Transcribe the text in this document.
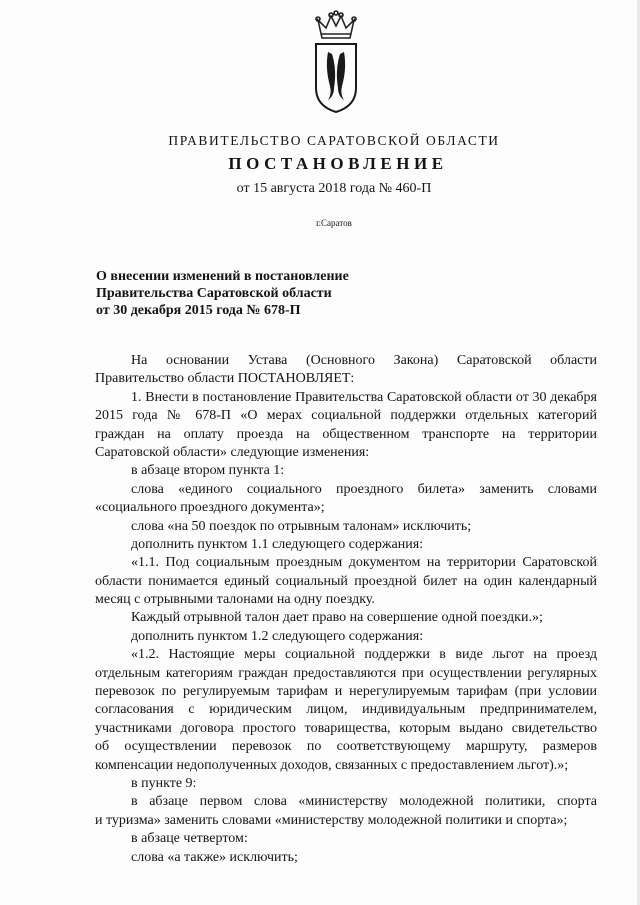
ПРАВИТЕЛЬСТВО САРАТОВСКОЙ ОБЛАСТИ
ПОСТАНОВЛЕНИЕ
от 15 августа 2018 года № 460-П
г.Саратов
О внесении изменений в постановление
Правительства Саратовской области
от 30 декабря 2015 года № 678-П
На основании Устава (Основного Закона) Саратовской области
Правительство области ПОСТАНОВЛЯЕТ:
1. Внести в постановление Правительства Саратовской области от 30 декабря
2015 года № 678-П «О мерах социальной поддержки отдельных категорий
граждан на оплату проезда на общественном транспорте на территории
Саратовской области» следующие изменения:
в абзаце втором пункта 1:
слова «единого социального проездного билета» заменить словами
«социального проездного документа»;
слова «на 50 поездок по отрывным талонам» исключить;
дополнить пунктом 1.1 следующего содержания:
«1.1. Под социальным проездным документом на территории Саратовской
области понимается единый социальный проездной билет на один календарный
месяц с отрывными талонами на одну поездку.
Каждый отрывной талон дает право на совершение одной поездки.»;
дополнить пунктом 1.2 следующего содержания:
«1.2. Настоящие меры социальной поддержки в виде льгот на проезд
отдельным категориям граждан предоставляются при осуществлении регулярных
перевозок по регулируемым тарифам и нерегулируемым тарифам (при условии
согласования с юридическим лицом, индивидуальным предпринимателем,
участниками договора простого товарищества, которым выдано свидетельство
об осуществлении перевозок по соответствующему маршруту, размеров
компенсации недополученных доходов, связанных с предоставлением льгот).»;
в пункте 9:
в абзаце первом слова «министерству молодежной политики, спорта
и туризма» заменить словами «министерству молодежной политики и спорта»;
в абзаце четвертом:
слова «а также» исключить;
